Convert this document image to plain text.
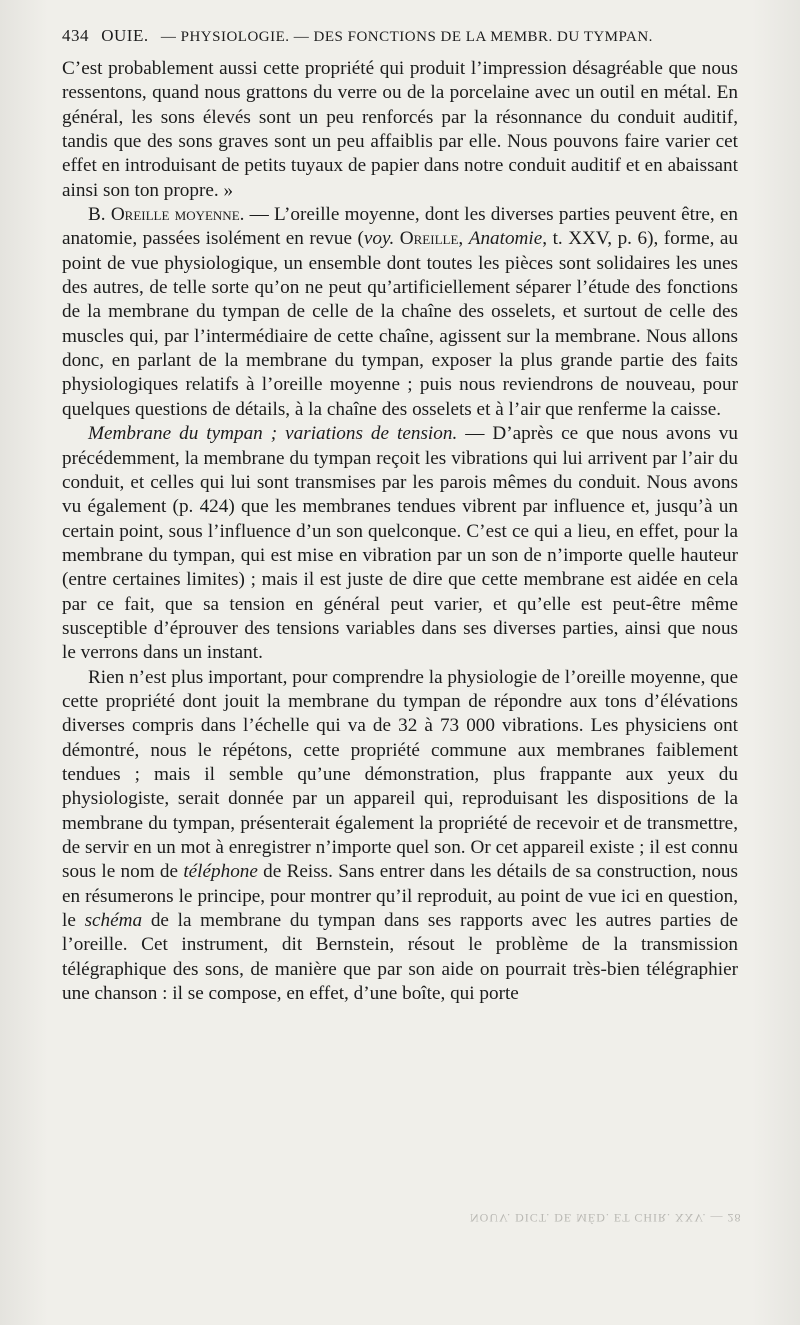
434 OUIE. — PHYSIOLOGIE. — DES FONCTIONS DE LA MEMBR. DU TYMPAN.

C’est probablement aussi cette propriété qui produit l’impression désagréable que nous ressentons, quand nous grattons du verre ou de la porcelaine avec un outil en métal. En général, les sons élevés sont un peu renforcés par la résonnance du conduit auditif, tandis que des sons graves sont un peu affaiblis par elle. Nous pouvons faire varier cet effet en introduisant de petits tuyaux de papier dans notre conduit auditif et en abaissant ainsi son ton propre. »

B. Oreille moyenne. — L’oreille moyenne, dont les diverses parties peuvent être, en anatomie, passées isolément en revue (voy. Oreille, Anatomie, t. XXV, p. 6), forme, au point de vue physiologique, un ensemble dont toutes les pièces sont solidaires les unes des autres, de telle sorte qu’on ne peut qu’artificiellement séparer l’étude des fonctions de la membrane du tympan de celle de la chaîne des osselets, et surtout de celle des muscles qui, par l’intermédiaire de cette chaîne, agissent sur la membrane. Nous allons donc, en parlant de la membrane du tympan, exposer la plus grande partie des faits physiologiques relatifs à l’oreille moyenne ; puis nous reviendrons de nouveau, pour quelques questions de détails, à la chaîne des osselets et à l’air que renferme la caisse.

Membrane du tympan ; variations de tension. — D’après ce que nous avons vu précédemment, la membrane du tympan reçoit les vibrations qui lui arrivent par l’air du conduit, et celles qui lui sont transmises par les parois mêmes du conduit. Nous avons vu également (p. 424) que les membranes tendues vibrent par influence et, jusqu’à un certain point, sous l’influence d’un son quelconque. C’est ce qui a lieu, en effet, pour la membrane du tympan, qui est mise en vibration par un son de n’importe quelle hauteur (entre certaines limites) ; mais il est juste de dire que cette membrane est aidée en cela par ce fait, que sa tension en général peut varier, et qu’elle est peut-être même susceptible d’éprouver des tensions variables dans ses diverses parties, ainsi que nous le verrons dans un instant.

Rien n’est plus important, pour comprendre la physiologie de l’oreille moyenne, que cette propriété dont jouit la membrane du tympan de répondre aux tons d’élévations diverses compris dans l’échelle qui va de 32 à 73 000 vibrations. Les physiciens ont démontré, nous le répétons, cette propriété commune aux membranes faiblement tendues ; mais il semble qu’une démonstration, plus frappante aux yeux du physiologiste, serait donnée par un appareil qui, reproduisant les dispositions de la membrane du tympan, présenterait également la propriété de recevoir et de transmettre, de servir en un mot à enregistrer n’importe quel son. Or cet appareil existe ; il est connu sous le nom de téléphone de Reiss. Sans entrer dans les détails de sa construction, nous en résumerons le principe, pour montrer qu’il reproduit, au point de vue ici en question, le schéma de la membrane du tympan dans ses rapports avec les autres parties de l’oreille. Cet instrument, dit Bernstein, résout le problème de la transmission télégraphique des sons, de manière que par son aide on pourrait très-bien télégraphier une chanson : il se compose, en effet, d’une boîte, qui porte

NOUV. DICT. DE MÉD. ET CHIR. XXV. — 28
